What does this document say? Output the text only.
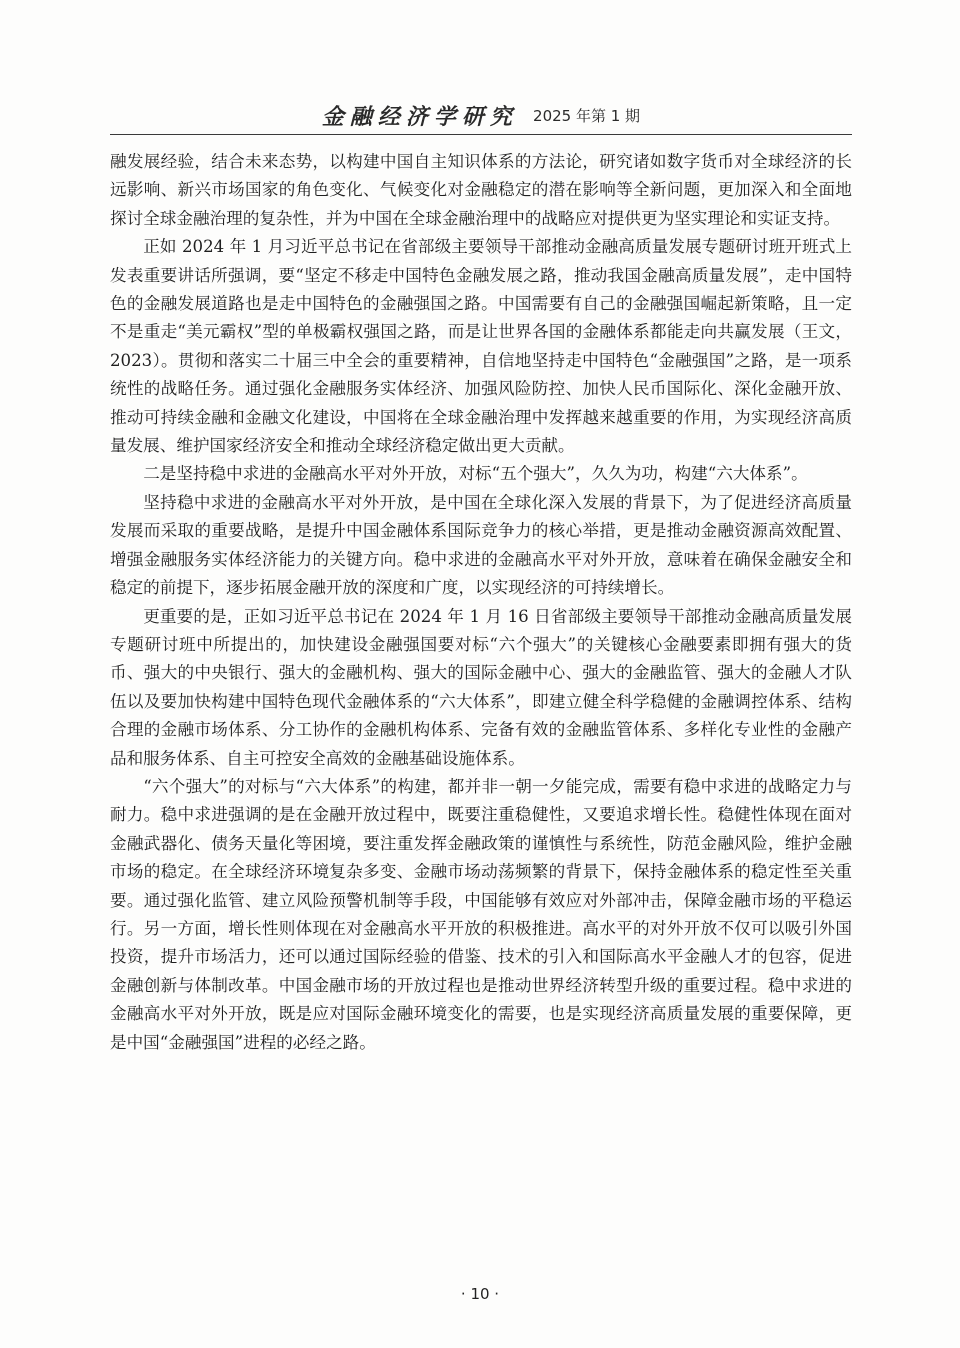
金融经济学研究 2025 年第 1 期

融发展经验，结合未来态势，以构建中国自主知识体系的方法论，研究诸如数字货币对全球经济的长远影响、新兴市场国家的角色变化、气候变化对金融稳定的潜在影响等全新问题，更加深入和全面地探讨全球金融治理的复杂性，并为中国在全球金融治理中的战略应对提供更为坚实理论和实证支持。

正如 2024 年 1 月习近平总书记在省部级主要领导干部推动金融高质量发展专题研讨班开班式上发表重要讲话所强调，要“坚定不移走中国特色金融发展之路，推动我国金融高质量发展”，走中国特色的金融发展道路也是走中国特色的金融强国之路。中国需要有自己的金融强国崛起新策略，且一定不是重走“美元霸权”型的单极霸权强国之路，而是让世界各国的金融体系都能走向共赢发展（王文，2023）。贯彻和落实二十届三中全会的重要精神，自信地坚持走中国特色“金融强国”之路，是一项系统性的战略任务。通过强化金融服务实体经济、加强风险防控、加快人民币国际化、深化金融开放、推动可持续金融和金融文化建设，中国将在全球金融治理中发挥越来越重要的作用，为实现经济高质量发展、维护国家经济安全和推动全球经济稳定做出更大贡献。

二是坚持稳中求进的金融高水平对外开放，对标“五个强大”，久久为功，构建“六大体系”。

坚持稳中求进的金融高水平对外开放，是中国在全球化深入发展的背景下，为了促进经济高质量发展而采取的重要战略，是提升中国金融体系国际竞争力的核心举措，更是推动金融资源高效配置、增强金融服务实体经济能力的关键方向。稳中求进的金融高水平对外开放，意味着在确保金融安全和稳定的前提下，逐步拓展金融开放的深度和广度，以实现经济的可持续增长。

更重要的是，正如习近平总书记在 2024 年 1 月 16 日省部级主要领导干部推动金融高质量发展专题研讨班中所提出的，加快建设金融强国要对标“六个强大”的关键核心金融要素即拥有强大的货币、强大的中央银行、强大的金融机构、强大的国际金融中心、强大的金融监管、强大的金融人才队伍以及要加快构建中国特色现代金融体系的“六大体系”，即建立健全科学稳健的金融调控体系、结构合理的金融市场体系、分工协作的金融机构体系、完备有效的金融监管体系、多样化专业性的金融产品和服务体系、自主可控安全高效的金融基础设施体系。

“六个强大”的对标与“六大体系”的构建，都并非一朝一夕能完成，需要有稳中求进的战略定力与耐力。稳中求进强调的是在金融开放过程中，既要注重稳健性，又要追求增长性。稳健性体现在面对金融武器化、债务天量化等困境，要注重发挥金融政策的谨慎性与系统性，防范金融风险，维护金融市场的稳定。在全球经济环境复杂多变、金融市场动荡频繁的背景下，保持金融体系的稳定性至关重要。通过强化监管、建立风险预警机制等手段，中国能够有效应对外部冲击，保障金融市场的平稳运行。另一方面，增长性则体现在对金融高水平开放的积极推进。高水平的对外开放不仅可以吸引外国投资，提升市场活力，还可以通过国际经验的借鉴、技术的引入和国际高水平金融人才的包容，促进金融创新与体制改革。中国金融市场的开放过程也是推动世界经济转型升级的重要过程。稳中求进的金融高水平对外开放，既是应对国际金融环境变化的需要，也是实现经济高质量发展的重要保障，更是中国“金融强国”进程的必经之路。

· 10 ·
